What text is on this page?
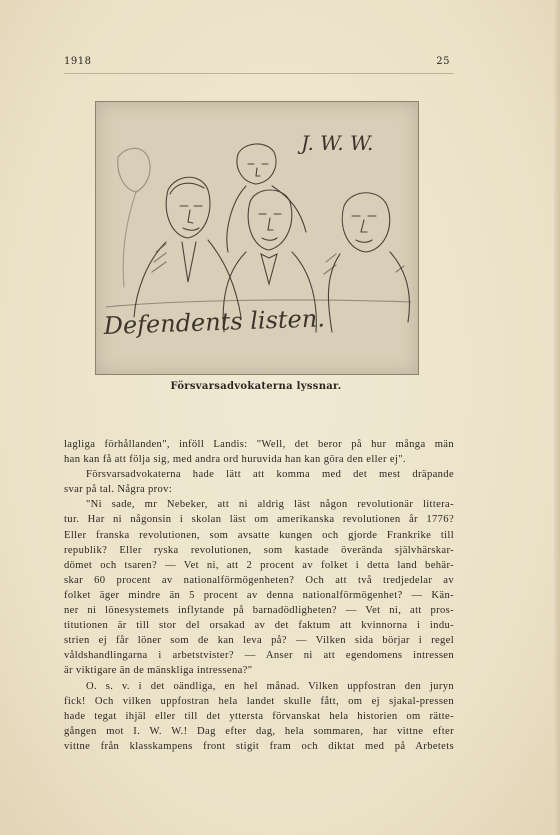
1918	25
J. W. W.
Defendents listen.
Försvarsadvokaterna lyssnar.
lagliga förhållanden", inföll Landis: "Well, det beror på hur många män
han kan få att följa sig, med andra ord huruvida han kan göra den eller ej".
Försvarsadvokaterna hade lätt att komma med det mest dräpande
svar på tal. Några prov:
"Ni sade, mr Nebeker, att ni aldrig läst någon revolutionär littera-
tur. Har ni någonsin i skolan läst om amerikanska revolutionen år 1776?
Eller franska revolutionen, som avsatte kungen och gjorde Frankrike till
republik? Eller ryska revolutionen, som kastade överända självhärskar-
dömet och tsaren? — Vet ni, att 2 procent av folket i detta land behär-
skar 60 procent av nationalförmögenheten? Och att två tredjedelar av
folket äger mindre än 5 procent av denna nationalförmögenhet? — Kän-
ner ni lönesystemets inflytande på barnadödligheten? — Vet ni, att pros-
titutionen är till stor del orsakad av det faktum att kvinnorna i indu-
strien ej får löner som de kan leva på? — Vilken sida börjar i regel
våldshandlingarna i arbetstvister? — Anser ni att egendomens intressen
är viktigare än de mänskliga intressena?"
O. s. v. i det oändliga, en hel månad. Vilken uppfostran den juryn
fick! Och vilken uppfostran hela landet skulle fått, om ej sjakal-pressen
hade tegat ihjäl eller till det yttersta förvanskat hela historien om rätte-
gången mot I. W. W.! Dag efter dag, hela sommaren, har vittne efter
vittne från klasskampens front stigit fram och diktat med på Arbetets
